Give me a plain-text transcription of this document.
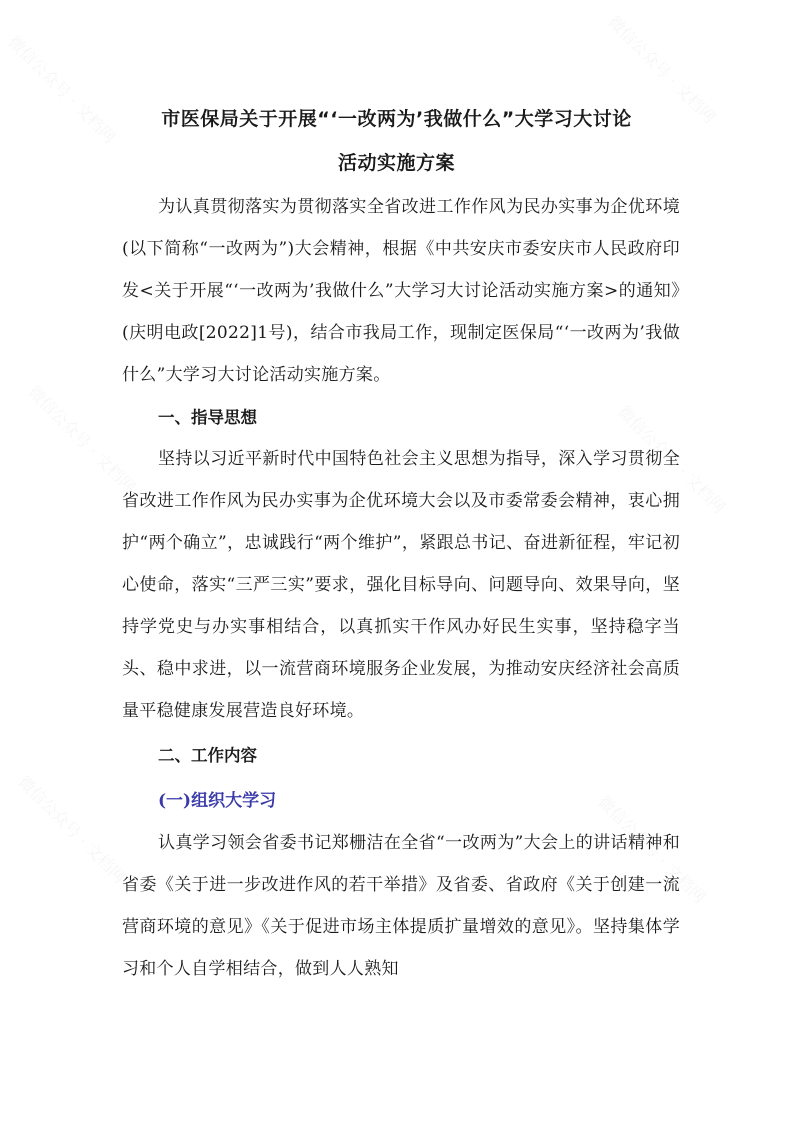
微信公众号 · 文档网	微信公众号 · 文档网
微信公众号 · 文档网	微信公众号 · 文档网
微信公众号 · 文档网	微信公众号 · 文档网
市医保局关于开展“‘一改两为’我做什么”大学习大讨论
活动实施方案

为认真贯彻落实为贯彻落实全省改进工作作风为民办实事为企优环境(以下简称“一改两为”)大会精神，根据《中共安庆市委安庆市人民政府印发<关于开展“‘一改两为’我做什么”大学习大讨论活动实施方案>的通知》(庆明电政[2022]1号)，结合市我局工作，现制定医保局“‘一改两为’我做什么”大学习大讨论活动实施方案。

一、指导思想

坚持以习近平新时代中国特色社会主义思想为指导，深入学习贯彻全省改进工作作风为民办实事为企优环境大会以及市委常委会精神，衷心拥护“两个确立”，忠诚践行“两个维护”，紧跟总书记、奋进新征程，牢记初心使命，落实“三严三实”要求，强化目标导向、问题导向、效果导向，坚持学党史与办实事相结合，以真抓实干作风办好民生实事，坚持稳字当头、稳中求进，以一流营商环境服务企业发展，为推动安庆经济社会高质量平稳健康发展营造良好环境。

二、工作内容
(一)组织大学习

认真学习领会省委书记郑栅洁在全省“一改两为”大会上的讲话精神和省委《关于进一步改进作风的若干举措》及省委、省政府《关于创建一流营商环境的意见》《关于促进市场主体提质扩量增效的意见》。坚持集体学习和个人自学相结合，做到人人熟知
